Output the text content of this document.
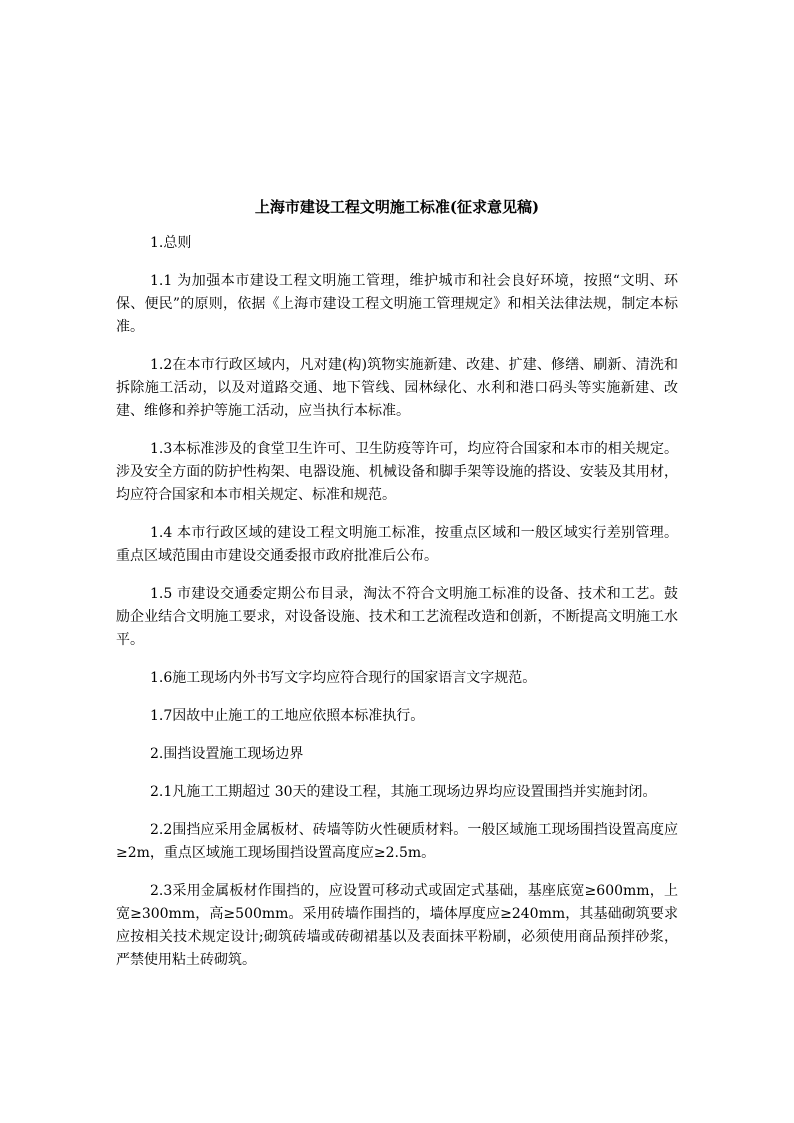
上海市建设工程文明施工标准(征求意见稿)

1.总则

1.1 为加强本市建设工程文明施工管理，维护城市和社会良好环境，按照“文明、环保、便民”的原则，依据《上海市建设工程文明施工管理规定》和相关法律法规，制定本标准。

1.2在本市行政区域内，凡对建(构)筑物实施新建、改建、扩建、修缮、刷新、清洗和拆除施工活动，以及对道路交通、地下管线、园林绿化、水利和港口码头等实施新建、改建、维修和养护等施工活动，应当执行本标准。

1.3本标准涉及的食堂卫生许可、卫生防疫等许可，均应符合国家和本市的相关规定。涉及安全方面的防护性构架、电器设施、机械设备和脚手架等设施的搭设、安装及其用材，均应符合国家和本市相关规定、标准和规范。

1.4 本市行政区域的建设工程文明施工标准，按重点区域和一般区域实行差别管理。重点区域范围由市建设交通委报市政府批准后公布。

1.5 市建设交通委定期公布目录，淘汰不符合文明施工标准的设备、技术和工艺。鼓励企业结合文明施工要求，对设备设施、技术和工艺流程改造和创新，不断提高文明施工水平。

1.6施工现场内外书写文字均应符合现行的国家语言文字规范。

1.7因故中止施工的工地应依照本标准执行。

2.围挡设置施工现场边界

2.1凡施工工期超过 30天的建设工程，其施工现场边界均应设置围挡并实施封闭。

2.2围挡应采用金属板材、砖墙等防火性硬质材料。一般区域施工现场围挡设置高度应≥2m，重点区域施工现场围挡设置高度应≥2.5m。

2.3采用金属板材作围挡的，应设置可移动式或固定式基础，基座底宽≥600mm，上宽≥300mm，高≥500mm。采用砖墙作围挡的，墙体厚度应≥240mm，其基础砌筑要求应按相关技术规定设计;砌筑砖墙或砖砌裙基以及表面抹平粉刷，必须使用商品预拌砂浆，严禁使用粘土砖砌筑。
